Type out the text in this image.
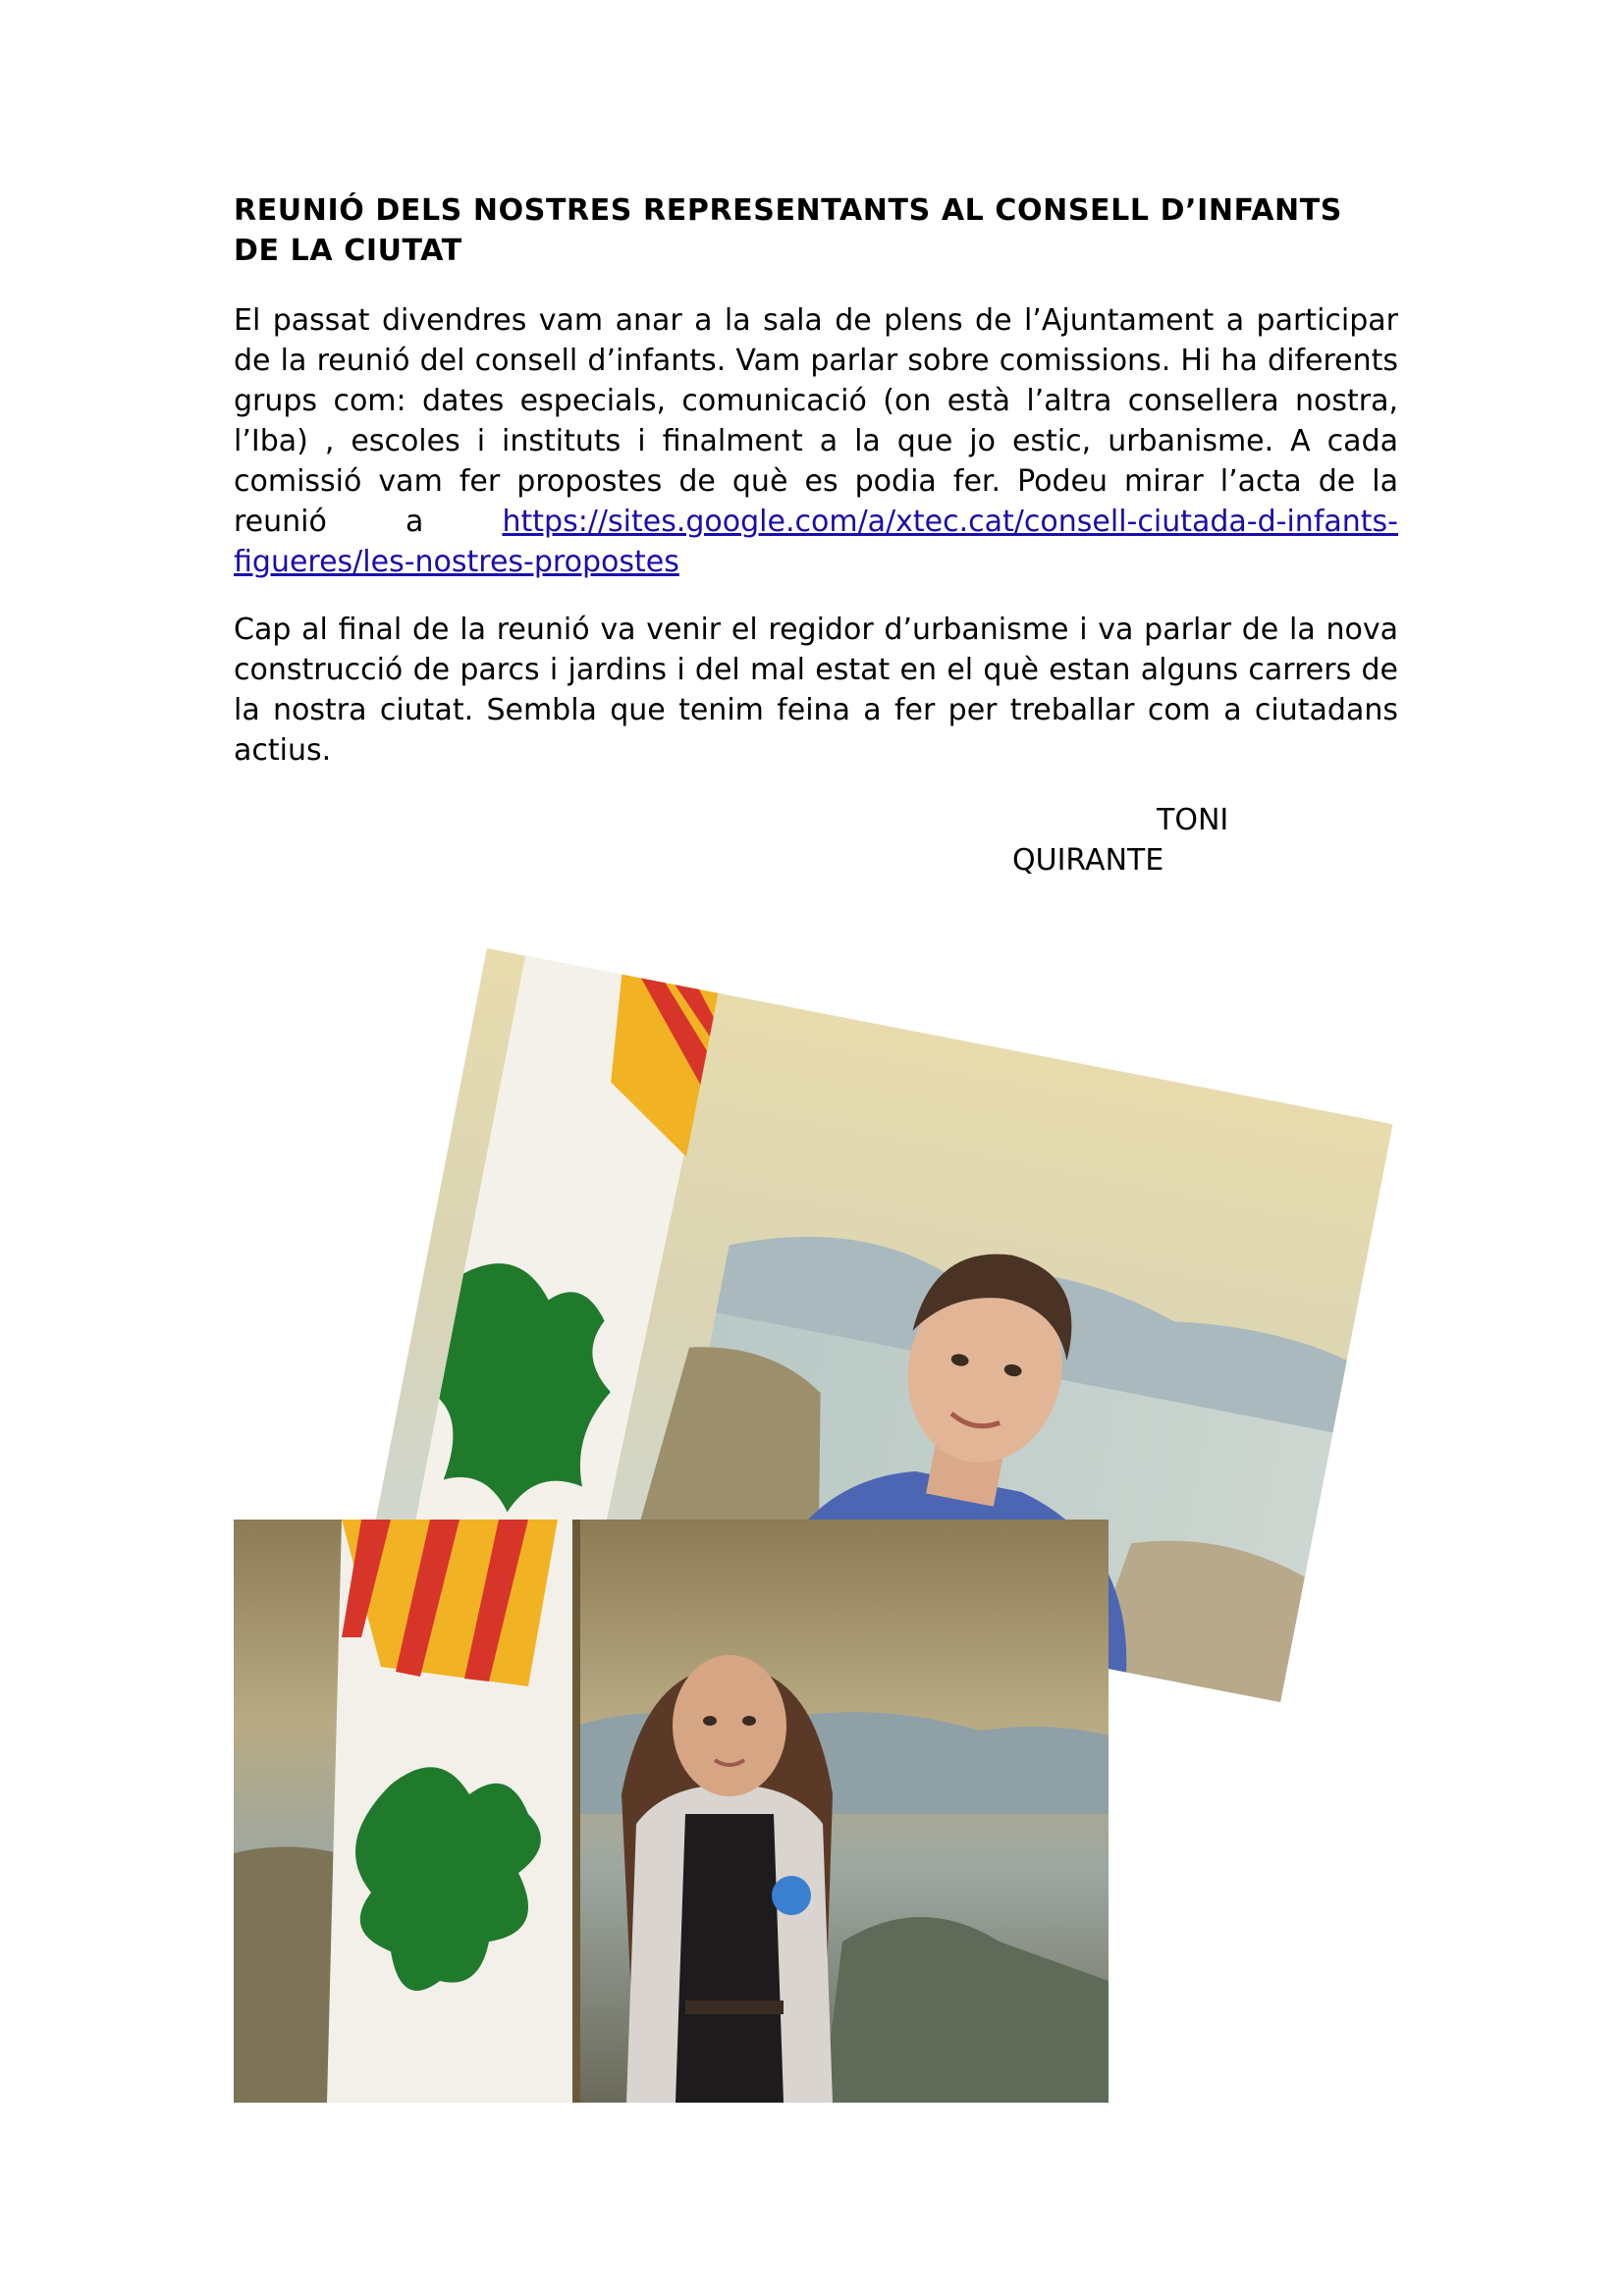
REUNIÓ DELS NOSTRES REPRESENTANTS AL CONSELL D’INFANTS DE LA CIUTAT

El passat divendres vam anar a la sala de plens de l’Ajuntament a participar de la reunió del consell d’infants. Vam parlar sobre comissions. Hi ha diferents grups com: dates especials, comunicació (on està l’altra consellera nostra, l’Iba) , escoles i instituts i finalment a la que jo estic, urbanisme. A cada comissió vam fer propostes de què es podia fer. Podeu mirar l’acta de la reunió a https://sites.google.com/a/xtec.cat/consell-ciutada-d-infants-figueres/les-nostres-propostes

Cap al final de la reunió va venir el regidor d’urbanisme i va parlar de la nova construcció de parcs i jardins i del mal estat en el què estan alguns carrers de la nostra ciutat. Sembla que tenim feina a fer per treballar com a ciutadans actius.

TONI
QUIRANTE
